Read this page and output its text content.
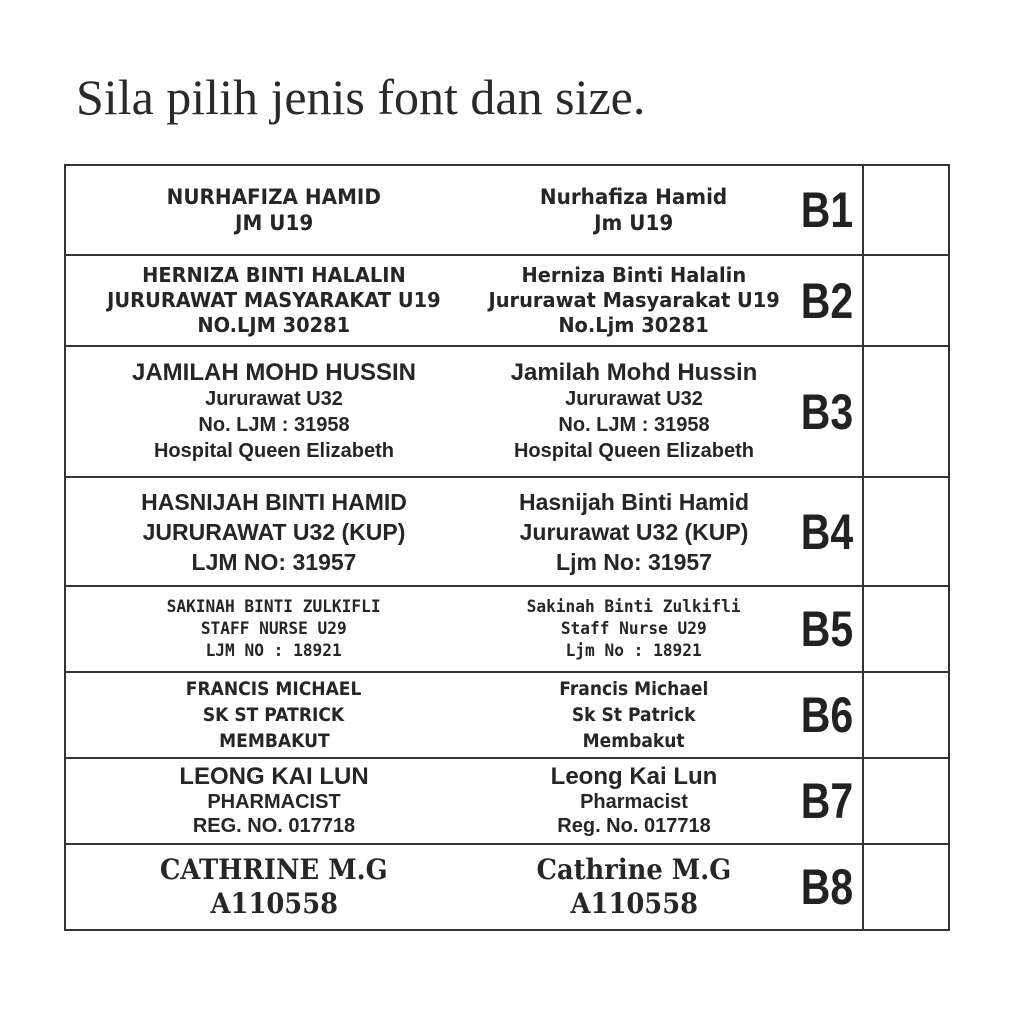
Sila pilih jenis font dan size.
NURHAFIZA HAMID
JM U19
Nurhafiza Hamid
Jm U19	B1
HERNIZA BINTI HALALIN
JURURAWAT MASYARAKAT U19
NO.LJM 30281
Herniza Binti Halalin
Jururawat Masyarakat U19
No.Ljm 30281 B2
JAMILAH MOHD HUSSIN
Jururawat U32
No. LJM : 31958
Hospital Queen Elizabeth
Jamilah Mohd Hussin
Jururawat U32
No. LJM : 31958
Hospital Queen Elizabeth
B3
HASNIJAH BINTI HAMID
JURURAWAT U32 (KUP)
LJM NO: 31957
Hasnijah Binti Hamid
Jururawat U32 (KUP)
Ljm No: 31957
B4
SAKINAH BINTI ZULKIFLI
STAFF NURSE U29
LJM NO : 18921
Sakinah Binti Zulkifli
Staff Nurse U29
Ljm No : 18921 B5
FRANCIS MICHAEL
SK ST PATRICK
MEMBAKUT
Francis Michael
Sk St Patrick
Membakut B6
LEONG KAI LUN
PHARMACIST
REG. NO. 017718
Leong Kai Lun
Pharmacist
Reg. No. 017718 B7
CATHRINE M.G
A110558
Cathrine M.G
A110558 B8
